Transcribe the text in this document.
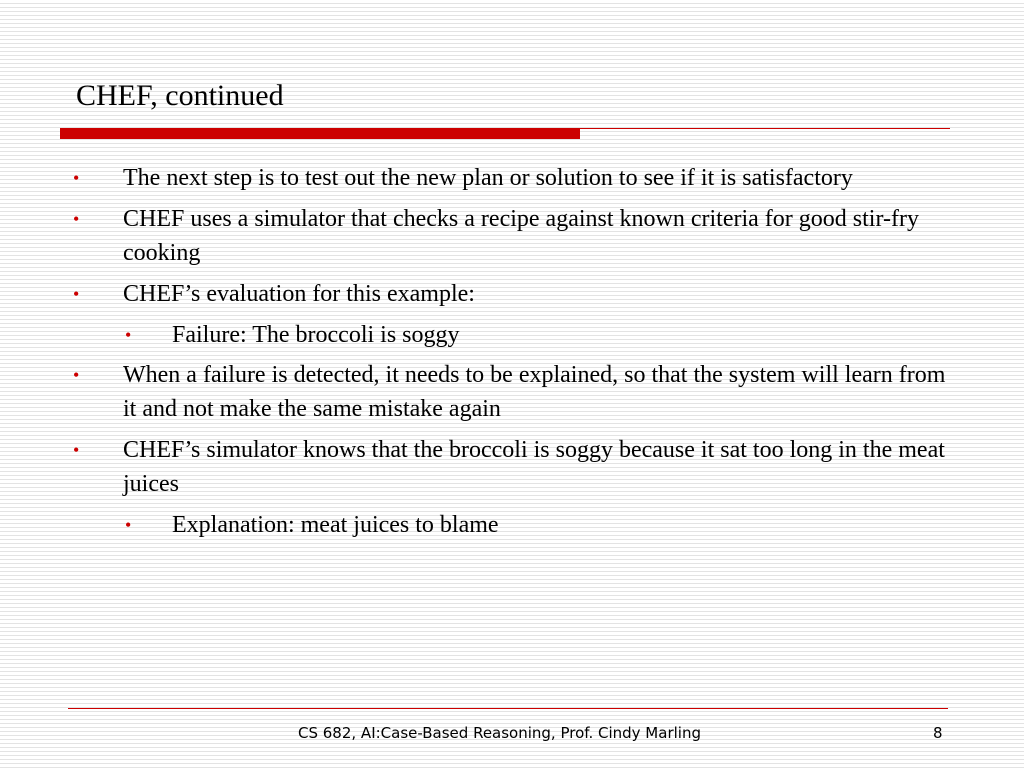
CHEF, continued
• The next step is to test out the new plan or solution to see if it is satisfactory
• CHEF uses a simulator that checks a recipe against known criteria for good stir-fry cooking
• CHEF’s evaluation for this example:
• Failure: The broccoli is soggy
• When a failure is detected, it needs to be explained, so that the system will learn from it and not make the same mistake again
• CHEF’s simulator knows that the broccoli is soggy because it sat too long in the meat juices
• Explanation: meat juices to blame
CS 682, AI:Case-Based Reasoning, Prof. Cindy Marling	8
